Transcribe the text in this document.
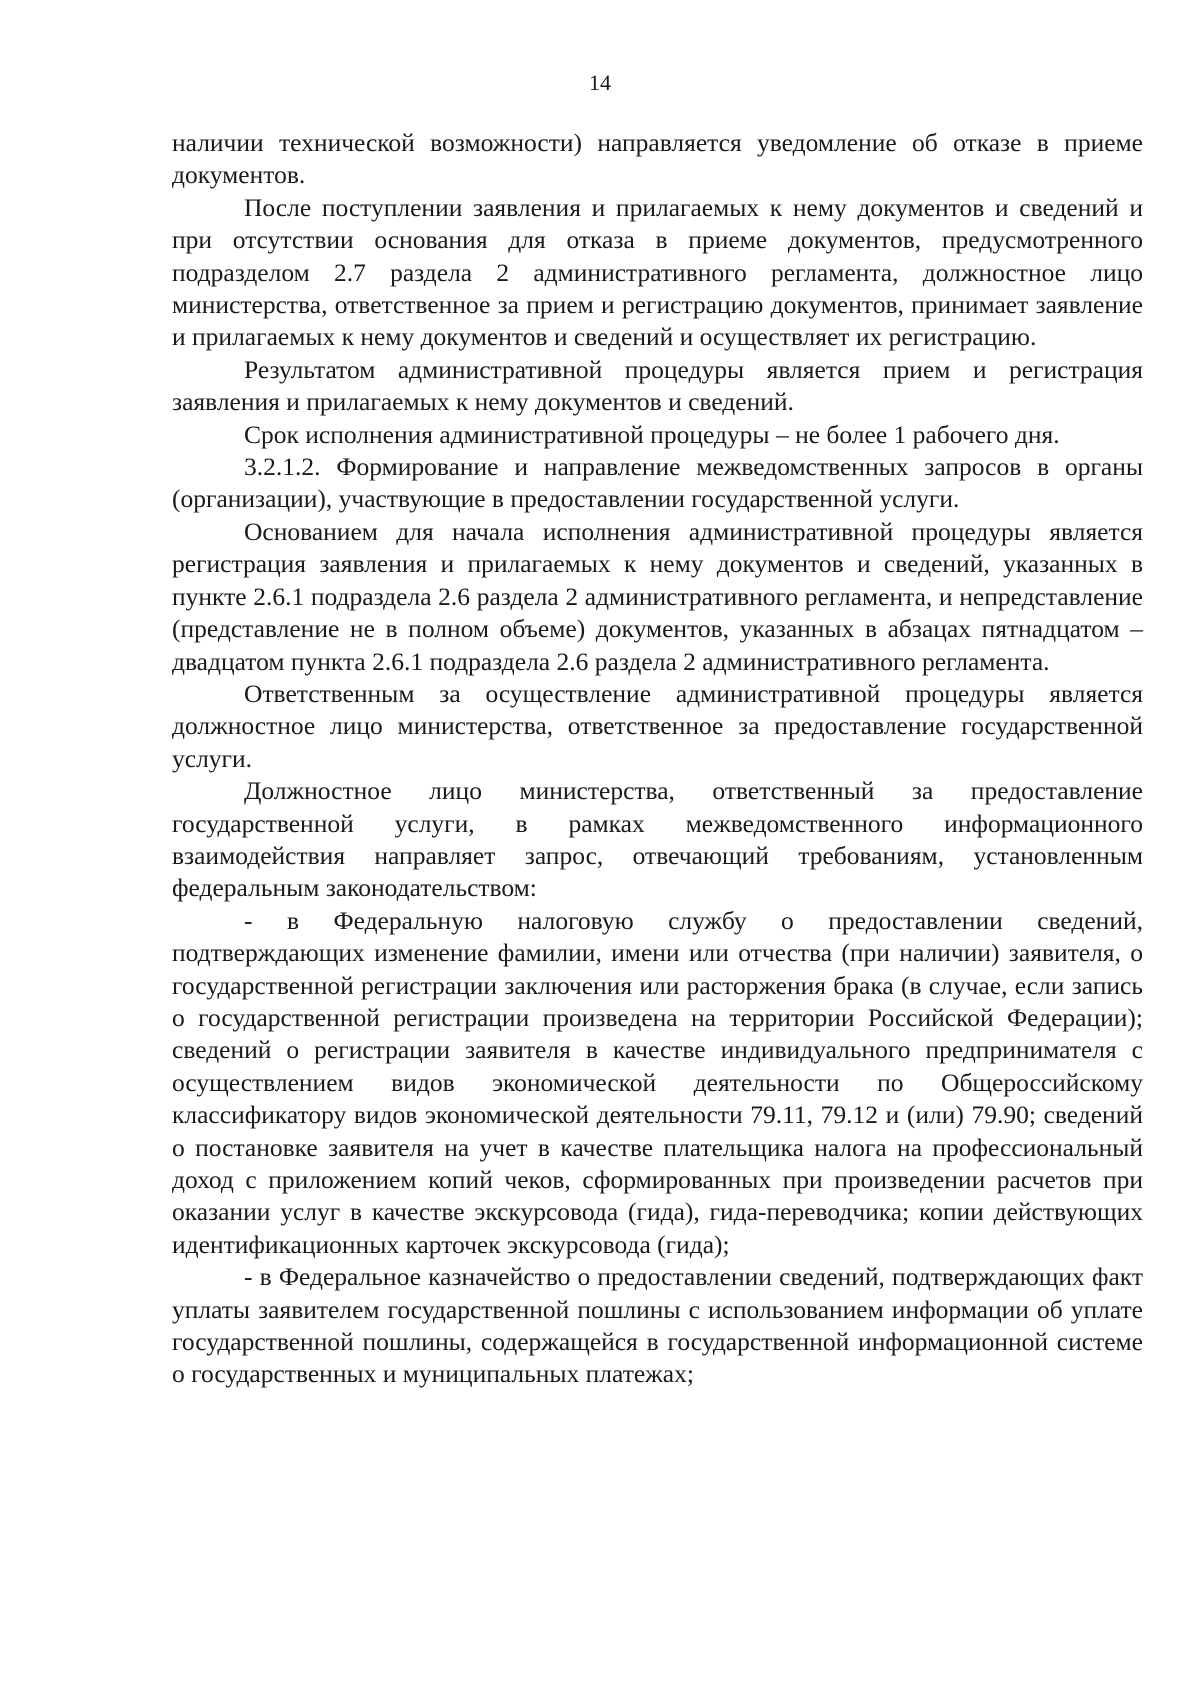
14

наличии технической возможности) направляется уведомление об отказе в приеме документов.

После поступлении заявления и прилагаемых к нему документов и сведений и при отсутствии основания для отказа в приеме документов, предусмотренного подразделом 2.7 раздела 2 административного регламента, должностное лицо министерства, ответственное за прием и регистрацию документов, принимает заявление и прилагаемых к нему документов и сведений и осуществляет их регистрацию.

Результатом административной процедуры является прием и регистрация заявления и прилагаемых к нему документов и сведений.

Срок исполнения административной процедуры – не более 1 рабочего дня.

3.2.1.2. Формирование и направление межведомственных запросов в органы (организации), участвующие в предоставлении государственной услуги.

Основанием для начала исполнения административной процедуры является регистрация заявления и прилагаемых к нему документов и сведений, указанных в пункте 2.6.1 подраздела 2.6 раздела 2 административного регламента, и непредставление (представление не в полном объеме) документов, указанных в абзацах пятнадцатом – двадцатом пункта 2.6.1 подраздела 2.6 раздела 2 административного регламента.

Ответственным за осуществление административной процедуры является должностное лицо министерства, ответственное за предоставление государственной услуги.

Должностное лицо министерства, ответственный за предоставление государственной услуги, в рамках межведомственного информационного взаимодействия направляет запрос, отвечающий требованиям, установленным федеральным законодательством:

- в Федеральную налоговую службу о предоставлении сведений, подтверждающих изменение фамилии, имени или отчества (при наличии) заявителя, о государственной регистрации заключения или расторжения брака (в случае, если запись о государственной регистрации произведена на территории Российской Федерации); сведений о регистрации заявителя в качестве индивидуального предпринимателя с осуществлением видов экономической деятельности по Общероссийскому классификатору видов экономической деятельности 79.11, 79.12 и (или) 79.90; сведений о постановке заявителя на учет в качестве плательщика налога на профессиональный доход с приложением копий чеков, сформированных при произведении расчетов при оказании услуг в качестве экскурсовода (гида), гида-переводчика; копии действующих идентификационных карточек экскурсовода (гида);

- в Федеральное казначейство о предоставлении сведений, подтверждающих факт уплаты заявителем государственной пошлины с использованием информации об уплате государственной пошлины, содержащейся в государственной информационной системе о государственных и муниципальных платежах;
